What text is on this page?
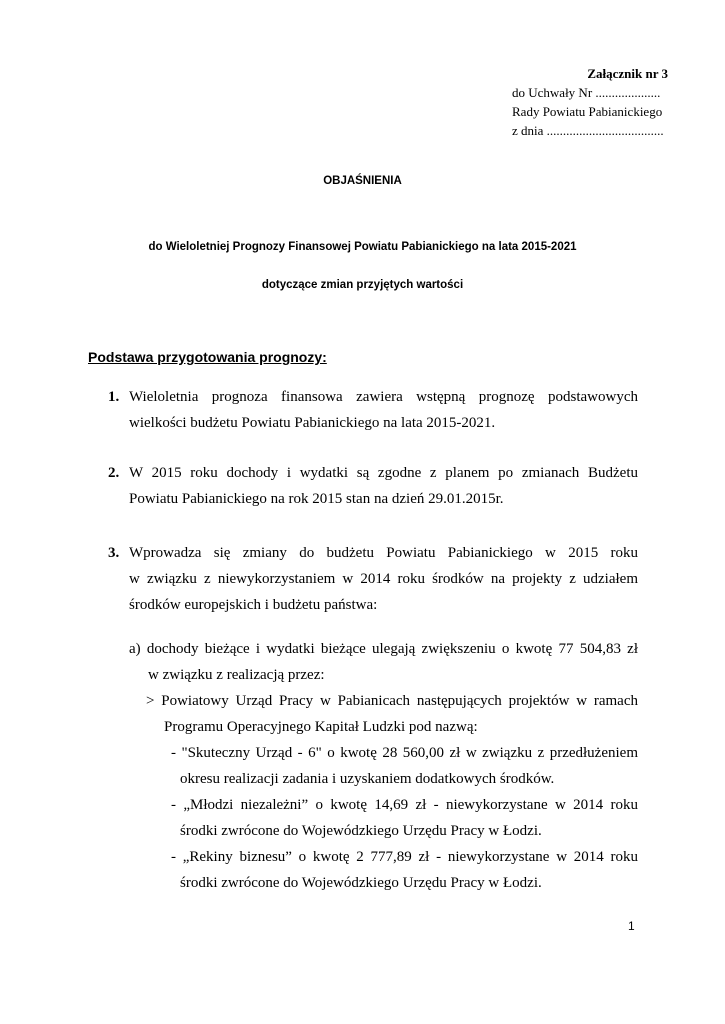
Załącznik nr 3
do Uchwały Nr ....................
Rady Powiatu Pabianickiego
z dnia ....................................
OBJAŚNIENIA
do Wieloletniej Prognozy Finansowej Powiatu Pabianickiego na lata 2015-2021
dotyczące zmian przyjętych wartości
Podstawa przygotowania prognozy:
1. Wieloletnia prognoza finansowa zawiera wstępną prognozę podstawowych
wielkości budżetu Powiatu Pabianickiego na lata 2015-2021.
2. W 2015 roku dochody i wydatki są zgodne z planem po zmianach Budżetu
Powiatu Pabianickiego na rok 2015 stan na dzień 29.01.2015r.
3. Wprowadza się zmiany do budżetu Powiatu Pabianickiego w 2015 roku
w związku z niewykorzystaniem w 2014 roku środków na projekty z udziałem
środków europejskich i budżetu państwa:
a) dochody bieżące i wydatki bieżące ulegają zwiększeniu o kwotę 77 504,83 zł
w związku z realizacją przez:
> Powiatowy Urząd Pracy w Pabianicach następujących projektów w ramach
Programu Operacyjnego Kapitał Ludzki pod nazwą:
- "Skuteczny Urząd - 6" o kwotę 28 560,00 zł w związku z przedłużeniem
okresu realizacji zadania i uzyskaniem dodatkowych środków.
- „Młodzi niezależni” o kwotę 14,69 zł - niewykorzystane w 2014 roku
środki zwrócone do Wojewódzkiego Urzędu Pracy w Łodzi.
- „Rekiny biznesu” o kwotę 2 777,89 zł - niewykorzystane w 2014 roku
środki zwrócone do Wojewódzkiego Urzędu Pracy w Łodzi.
1
